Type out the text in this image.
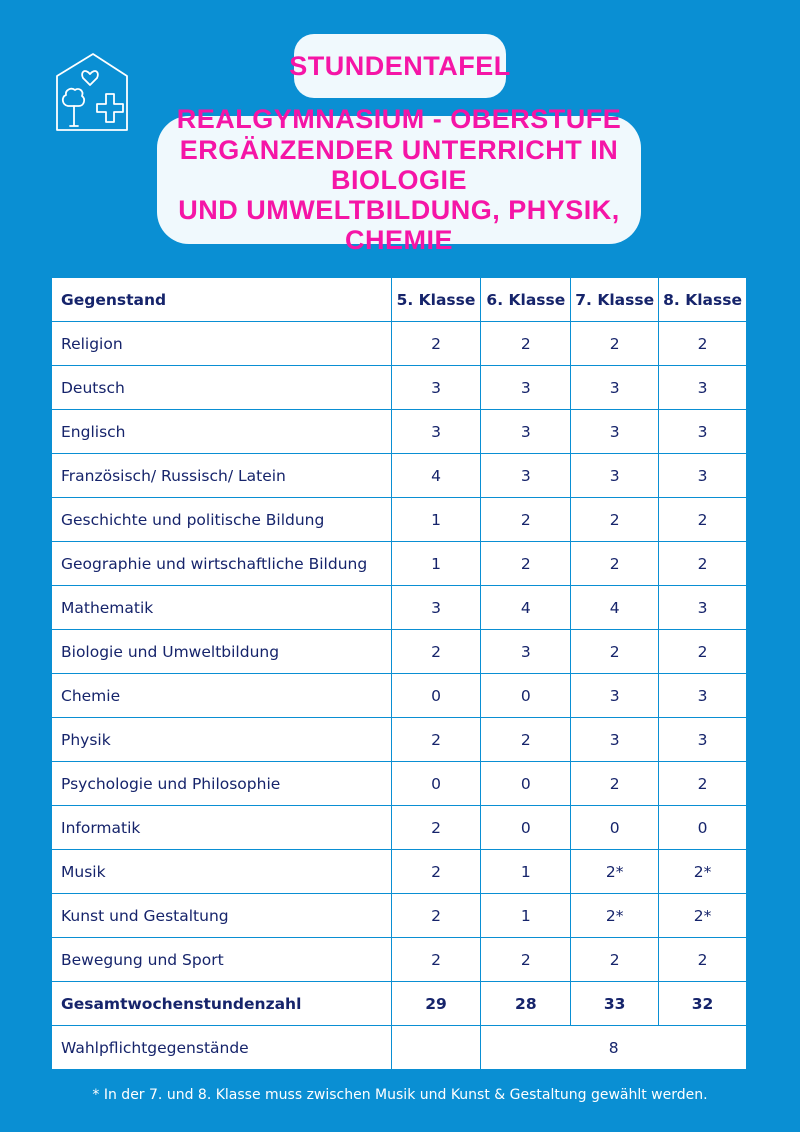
STUNDENTAFEL
REALGYMNASIUM - OBERSTUFE
ERGÄNZENDER UNTERRICHT IN BIOLOGIE
UND UMWELTBILDUNG, PHYSIK, CHEMIE
Gegenstand	5. Klasse	6. Klasse	7. Klasse	8. Klasse
Religion	2	2	2	2
Deutsch	3	3	3	3
Englisch	3	3	3	3
Französisch/ Russisch/ Latein	4	3	3	3
Geschichte und politische Bildung	1	2	2	2
Geographie und wirtschaftliche Bildung	1	2	2	2
Mathematik	3	4	4	3
Biologie und Umweltbildung	2	3	2	2
Chemie	0	0	3	3
Physik	2	2	3	3
Psychologie und Philosophie	0	0	2	2
Informatik	2	0	0	0
Musik	2	1	2*	2*
Kunst und Gestaltung	2	1	2*	2*
Bewegung und Sport	2	2	2	2
Gesamtwochenstundenzahl	29	28	33	32
Wahlpflichtgegenstände		8		
* In der 7. und 8. Klasse muss zwischen Musik und Kunst & Gestaltung gewählt werden.
